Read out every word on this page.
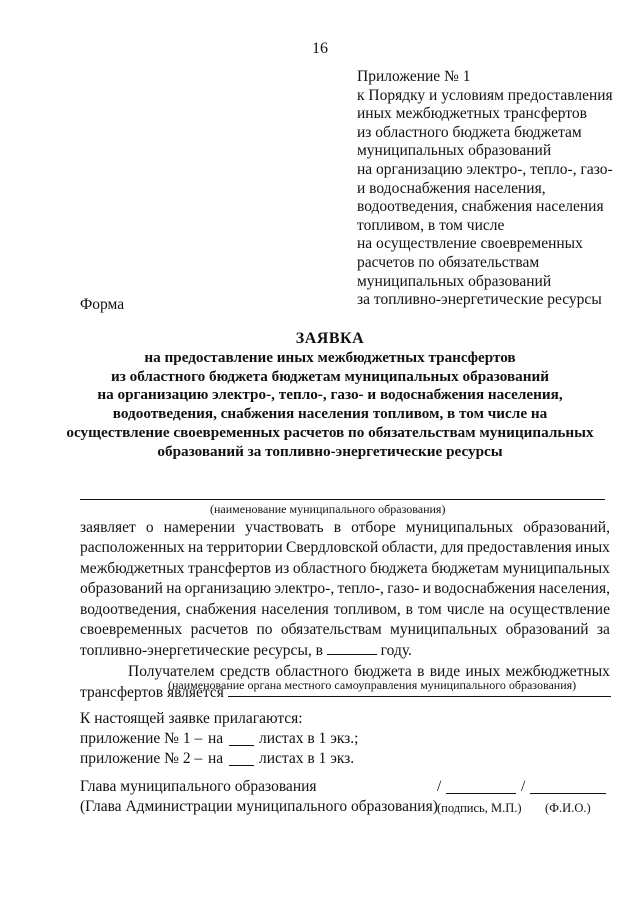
16
Приложение № 1
к Порядку и условиям предоставления
иных межбюджетных трансфертов
из областного бюджета бюджетам
муниципальных образований
на организацию электро-, тепло-, газо-
и водоснабжения населения,
водоотведения, снабжения населения
топливом, в том числе
на осуществление своевременных
расчетов по обязательствам
муниципальных образований
за топливно-энергетические ресурсы
Форма
ЗАЯВКА
на предоставление иных межбюджетных трансфертов
из областного бюджета бюджетам муниципальных образований
на организацию электро-, тепло-, газо- и водоснабжения населения,
водоотведения, снабжения населения топливом, в том числе на
осуществление своевременных расчетов по обязательствам муниципальных
образований за топливно-энергетические ресурсы
(наименование муниципального образования)
заявляет о намерении участвовать в отборе муниципальных образований,
расположенных на территории Свердловской области, для предоставления иных
межбюджетных трансфертов из областного бюджета бюджетам муниципальных
образований на организацию электро-, тепло-, газо- и водоснабжения населения,
водоотведения, снабжения населения топливом, в том числе на осуществление
своевременных расчетов по обязательствам муниципальных образований за
топливно-энергетические ресурсы, в	году.
Получателем средств областного бюджета в виде иных межбюджетных
трансфертов является
(наименование органа местного самоуправления муниципального образования)
К настоящей заявке прилагаются:
приложение № 1 – на листах в 1 экз.;
приложение № 2 – на листах в 1 экз.
Глава муниципального образования
(Глава Администрации муниципального образования)
/	/
(подпись, М.П.) (Ф.И.О.)
